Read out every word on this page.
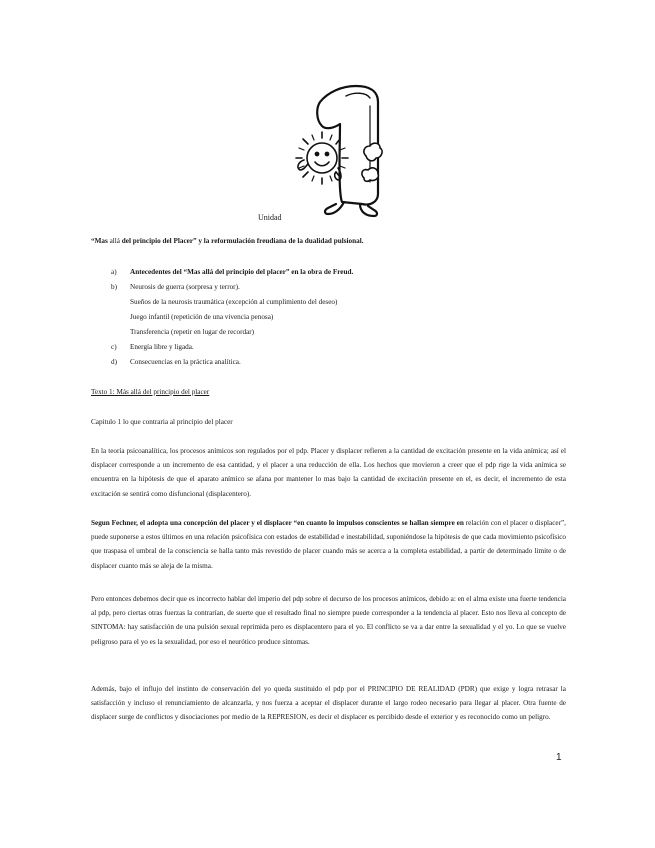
Unidad
“Mas allá del principio del Placer” y la reformulación freudiana de la dualidad pulsional.
a) Antecedentes del “Mas allá del principio del placer” en la obra de Freud.
b) Neurosis de guerra (sorpresa y terror).
Sueños de la neurosis traumática (excepción al cumplimiento del deseo)
Juego infantil (repetición de una vivencia penosa)
Transferencia (repetir en lugar de recordar)
c) Energía libre y ligada.
d) Consecuencias en la práctica analítica.
Texto 1: Más allá del principio del placer
Capitulo 1 lo que contraria al principio del placer
En la teoría psicoanalítica, los procesos anímicos son regulados por el pdp. Placer y displacer refieren a la cantidad de excitación presente en la vida anímica; así el displacer corresponde a un incremento de esa cantidad, y el placer a una reducción de ella. Los hechos que movieron a creer que el pdp rige la vida anímica se encuentra en la hipótesis de que el aparato anímico se afana por mantener lo mas bajo la cantidad de excitación presente en el, es decir, el incremento de esta excitación se sentirá como disfuncional (displacentero).
Segun Fechner, el adopta una concepción del placer y el displacer “en cuanto lo impulsos conscientes se hallan siempre en relación con el placer o displacer”, puede suponerse a estos últimos en una relación psicofísica con estados de estabilidad e inestabilidad, suponiéndose la hipótesis de que cada movimiento psicofísico que traspasa el umbral de la consciencia se halla tanto más revestido de placer cuando más se acerca a la completa estabilidad, a partir de determinado limite o de displacer cuanto más se aleja de la misma.
Pero entonces debemos decir que es incorrecto hablar del imperio del pdp sobre el decurso de los procesos anímicos, debido a: en el alma existe una fuerte tendencia al pdp, pero ciertas otras fuerzas la contrarían, de suerte que el resultado final no siempre puede corresponder a la tendencia al placer. Esto nos lleva al concepto de SINTOMA: hay satisfacción de una pulsión sexual reprimida pero es displacentero para el yo. El conflicto se va a dar entre la sexualidad y el yo. Lo que se vuelve peligroso para el yo es la sexualidad, por eso el neurótico produce síntomas.
Además, bajo el influjo del instinto de conservación del yo queda sustituido el pdp por el PRINCIPIO DE REALIDAD (PDR) que exige y logra retrasar la satisfacción y incluso el renunciamiento de alcanzarla, y nos fuerza a aceptar el displacer durante el largo rodeo necesario para llegar al placer. Otra fuente de displacer surge de conflictos y disociaciones por medio de la REPRESION, es decir el displacer es percibido desde el exterior y es reconocido como un peligro.
1
